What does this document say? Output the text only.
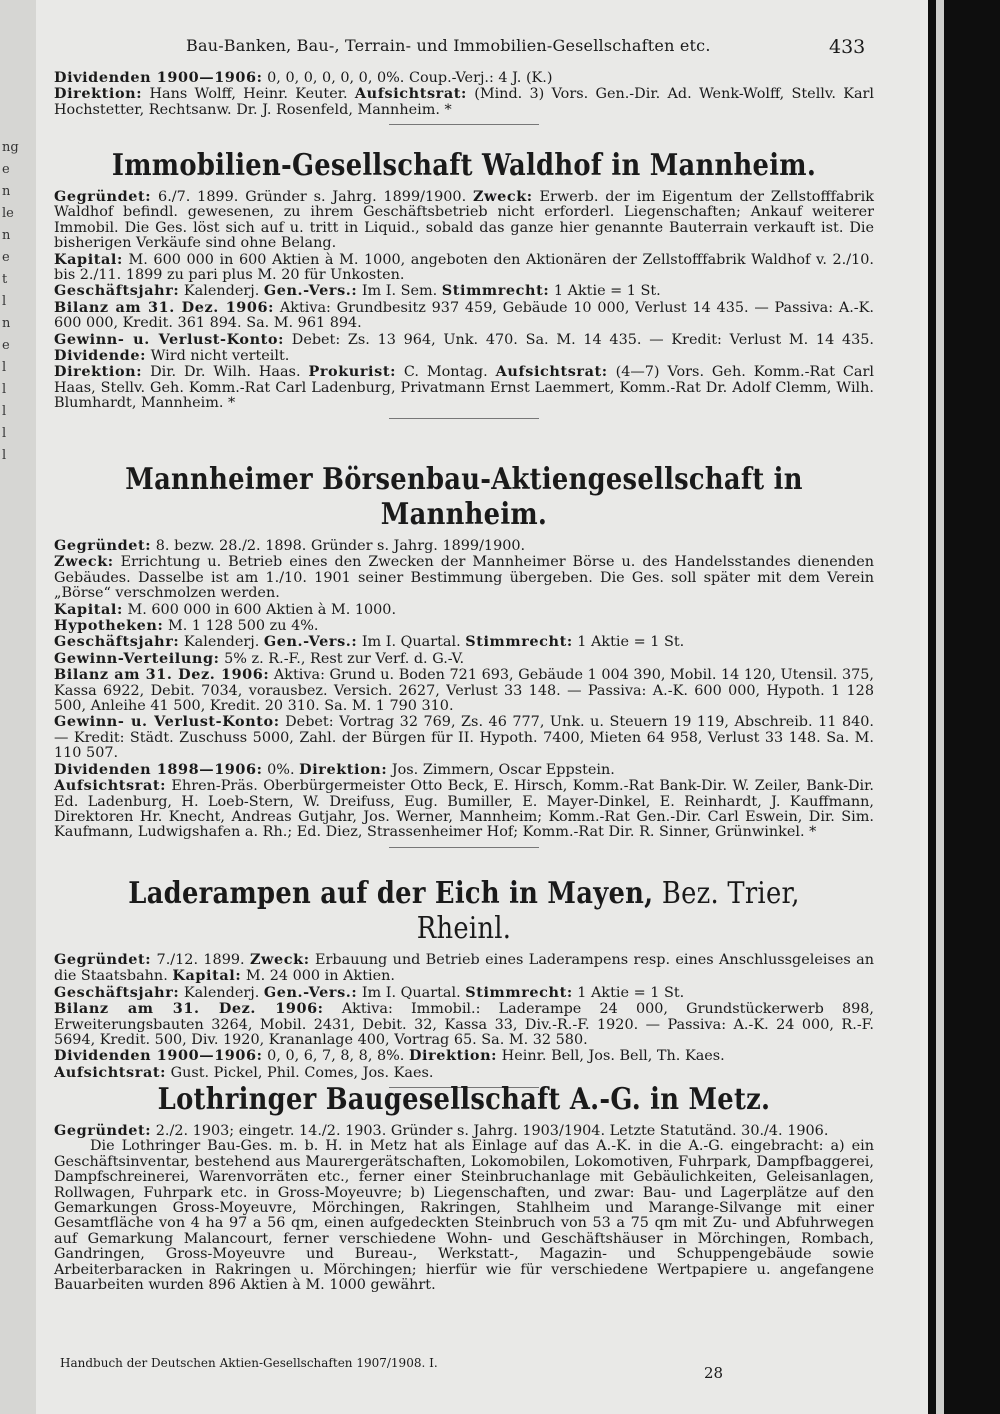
ng
e
n
le
n
e
t
l
n
e
l
l
l
l
l
Bau-Banken, Bau-, Terrain- und Immobilien-Gesellschaften etc.	433

Dividenden 1900—1906: 0, 0, 0, 0, 0, 0, 0%. Coup.-Verj.: 4 J. (K.)

Direktion: Hans Wolff, Heinr. Keuter. Aufsichtsrat: (Mind. 3) Vors. Gen.-Dir. Ad. Wenk-Wolff, Stellv. Karl Hochstetter, Rechtsanw. Dr. J. Rosenfeld, Mannheim. *

Immobilien-Gesellschaft Waldhof in Mannheim.

Gegründet: 6./7. 1899. Gründer s. Jahrg. 1899/1900. Zweck: Erwerb. der im Eigentum der Zellstofffabrik Waldhof befindl. gewesenen, zu ihrem Geschäftsbetrieb nicht erforderl. Liegenschaften; Ankauf weiterer Immobil. Die Ges. löst sich auf u. tritt in Liquid., sobald das ganze hier genannte Bauterrain verkauft ist. Die bisherigen Verkäufe sind ohne Belang.

Kapital: M. 600 000 in 600 Aktien à M. 1000, angeboten den Aktionären der Zellstofffabrik Waldhof v. 2./10. bis 2./11. 1899 zu pari plus M. 20 für Unkosten.

Geschäftsjahr: Kalenderj. Gen.-Vers.: Im I. Sem. Stimmrecht: 1 Aktie = 1 St.

Bilanz am 31. Dez. 1906: Aktiva: Grundbesitz 937 459, Gebäude 10 000, Verlust 14 435. — Passiva: A.-K. 600 000, Kredit. 361 894. Sa. M. 961 894.

Gewinn- u. Verlust-Konto: Debet: Zs. 13 964, Unk. 470. Sa. M. 14 435. — Kredit: Verlust M. 14 435. Dividende: Wird nicht verteilt.

Direktion: Dir. Dr. Wilh. Haas. Prokurist: C. Montag. Aufsichtsrat: (4—7) Vors. Geh. Komm.-Rat Carl Haas, Stellv. Geh. Komm.-Rat Carl Ladenburg, Privatmann Ernst Laemmert, Komm.-Rat Dr. Adolf Clemm, Wilh. Blumhardt, Mannheim. *

Mannheimer Börsenbau-Aktiengesellschaft in Mannheim.

Gegründet: 8. bezw. 28./2. 1898. Gründer s. Jahrg. 1899/1900.

Zweck: Errichtung u. Betrieb eines den Zwecken der Mannheimer Börse u. des Handelsstandes dienenden Gebäudes. Dasselbe ist am 1./10. 1901 seiner Bestimmung übergeben. Die Ges. soll später mit dem Verein „Börse“ verschmolzen werden.

Kapital: M. 600 000 in 600 Aktien à M. 1000.

Hypotheken: M. 1 128 500 zu 4%.

Geschäftsjahr: Kalenderj. Gen.-Vers.: Im I. Quartal. Stimmrecht: 1 Aktie = 1 St.

Gewinn-Verteilung: 5% z. R.-F., Rest zur Verf. d. G.-V.

Bilanz am 31. Dez. 1906: Aktiva: Grund u. Boden 721 693, Gebäude 1 004 390, Mobil. 14 120, Utensil. 375, Kassa 6922, Debit. 7034, vorausbez. Versich. 2627, Verlust 33 148. — Passiva: A.-K. 600 000, Hypoth. 1 128 500, Anleihe 41 500, Kredit. 20 310. Sa. M. 1 790 310.

Gewinn- u. Verlust-Konto: Debet: Vortrag 32 769, Zs. 46 777, Unk. u. Steuern 19 119, Abschreib. 11 840. — Kredit: Städt. Zuschuss 5000, Zahl. der Bürgen für II. Hypoth. 7400, Mieten 64 958, Verlust 33 148. Sa. M. 110 507.

Dividenden 1898—1906: 0%. Direktion: Jos. Zimmern, Oscar Eppstein.

Aufsichtsrat: Ehren-Präs. Oberbürgermeister Otto Beck, E. Hirsch, Komm.-Rat Bank-Dir. W. Zeiler, Bank-Dir. Ed. Ladenburg, H. Loeb-Stern, W. Dreifuss, Eug. Bumiller, E. Mayer-Dinkel, E. Reinhardt, J. Kauffmann, Direktoren Hr. Knecht, Andreas Gutjahr, Jos. Werner, Mannheim; Komm.-Rat Gen.-Dir. Carl Eswein, Dir. Sim. Kaufmann, Ludwigshafen a. Rh.; Ed. Diez, Strassenheimer Hof; Komm.-Rat Dir. R. Sinner, Grünwinkel. *

Laderampen auf der Eich in Mayen, Bez. Trier, Rheinl.

Gegründet: 7./12. 1899. Zweck: Erbauung und Betrieb eines Laderampens resp. eines Anschlussgeleises an die Staatsbahn. Kapital: M. 24 000 in Aktien.

Geschäftsjahr: Kalenderj. Gen.-Vers.: Im I. Quartal. Stimmrecht: 1 Aktie = 1 St.

Bilanz am 31. Dez. 1906: Aktiva: Immobil.: Laderampe 24 000, Grundstückerwerb 898, Erweiterungsbauten 3264, Mobil. 2431, Debit. 32, Kassa 33, Div.-R.-F. 1920. — Passiva: A.-K. 24 000, R.-F. 5694, Kredit. 500, Div. 1920, Krananlage 400, Vortrag 65. Sa. M. 32 580.

Dividenden 1900—1906: 0, 0, 6, 7, 8, 8, 8%. Direktion: Heinr. Bell, Jos. Bell, Th. Kaes.

Aufsichtsrat: Gust. Pickel, Phil. Comes, Jos. Kaes.

Lothringer Baugesellschaft A.-G. in Metz.

Gegründet: 2./2. 1903; eingetr. 14./2. 1903. Gründer s. Jahrg. 1903/1904. Letzte Statutänd. 30./4. 1906.

Die Lothringer Bau-Ges. m. b. H. in Metz hat als Einlage auf das A.-K. in die A.-G. eingebracht: a) ein Geschäftsinventar, bestehend aus Maurergerätschaften, Lokomobilen, Lokomotiven, Fuhrpark, Dampfbaggerei, Dampfschreinerei, Warenvorräten etc., ferner einer Steinbruchanlage mit Gebäulichkeiten, Geleisanlagen, Rollwagen, Fuhrpark etc. in Gross-Moyeuvre; b) Liegenschaften, und zwar: Bau- und Lagerplätze auf den Gemarkungen Gross-Moyeuvre, Mörchingen, Rakringen, Stahlheim und Marange-Silvange mit einer Gesamtfläche von 4 ha 97 a 56 qm, einen aufgedeckten Steinbruch von 53 a 75 qm mit Zu- und Abfuhrwegen auf Gemarkung Malancourt, ferner verschiedene Wohn- und Geschäftshäuser in Mörchingen, Rombach, Gandringen, Gross-Moyeuvre und Bureau-, Werkstatt-, Magazin- und Schuppengebäude sowie Arbeiterbaracken in Rakringen u. Mörchingen; hierfür wie für verschiedene Wertpapiere u. angefangene Bauarbeiten wurden 896 Aktien à M. 1000 gewährt.

Handbuch der Deutschen Aktien-Gesellschaften 1907/1908. I.
28
